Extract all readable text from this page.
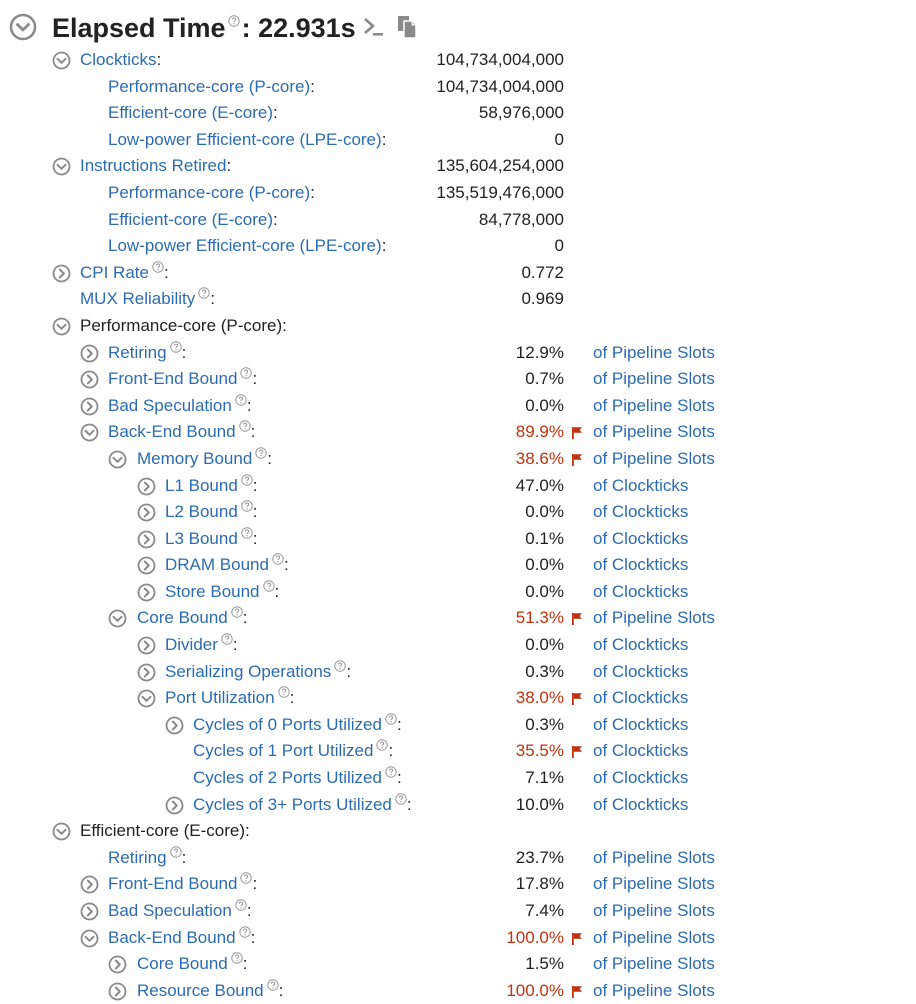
Elapsed Time : 22.931s
Clockticks:	104,734,004,000
Performance-core (P-core):	104,734,004,000
Efficient-core (E-core):	58,976,000
Low-power Efficient-core (LPE-core):	0
Instructions Retired:	135,604,254,000
Performance-core (P-core):	135,519,476,000
Efficient-core (E-core):	84,778,000
Low-power Efficient-core (LPE-core):	0
CPI Rate :	0.772
MUX Reliability :	0.969
Performance-core (P-core):
Retiring :	12.9% of Pipeline Slots
Front-End Bound :	0.7% of Pipeline Slots
Bad Speculation :	0.0% of Pipeline Slots
Back-End Bound :	89.9% of Pipeline Slots
Memory Bound :	38.6% of Pipeline Slots
L1 Bound :	47.0% of Clockticks
L2 Bound :	0.0% of Clockticks
L3 Bound :	0.1% of Clockticks
DRAM Bound :	0.0% of Clockticks
Store Bound :	0.0% of Clockticks
Core Bound :	51.3% of Pipeline Slots
Divider :	0.0% of Clockticks
Serializing Operations :	0.3% of Clockticks
Port Utilization :	38.0% of Clockticks
Cycles of 0 Ports Utilized :	0.3% of Clockticks
Cycles of 1 Port Utilized :	35.5% of Clockticks
Cycles of 2 Ports Utilized :	7.1% of Clockticks
Cycles of 3+ Ports Utilized :	10.0% of Clockticks
Efficient-core (E-core):
Retiring :	23.7% of Pipeline Slots
Front-End Bound :	17.8% of Pipeline Slots
Bad Speculation :	7.4% of Pipeline Slots
Back-End Bound :	100.0% of Pipeline Slots
Core Bound :	1.5% of Pipeline Slots
Resource Bound :	100.0% of Pipeline Slots
